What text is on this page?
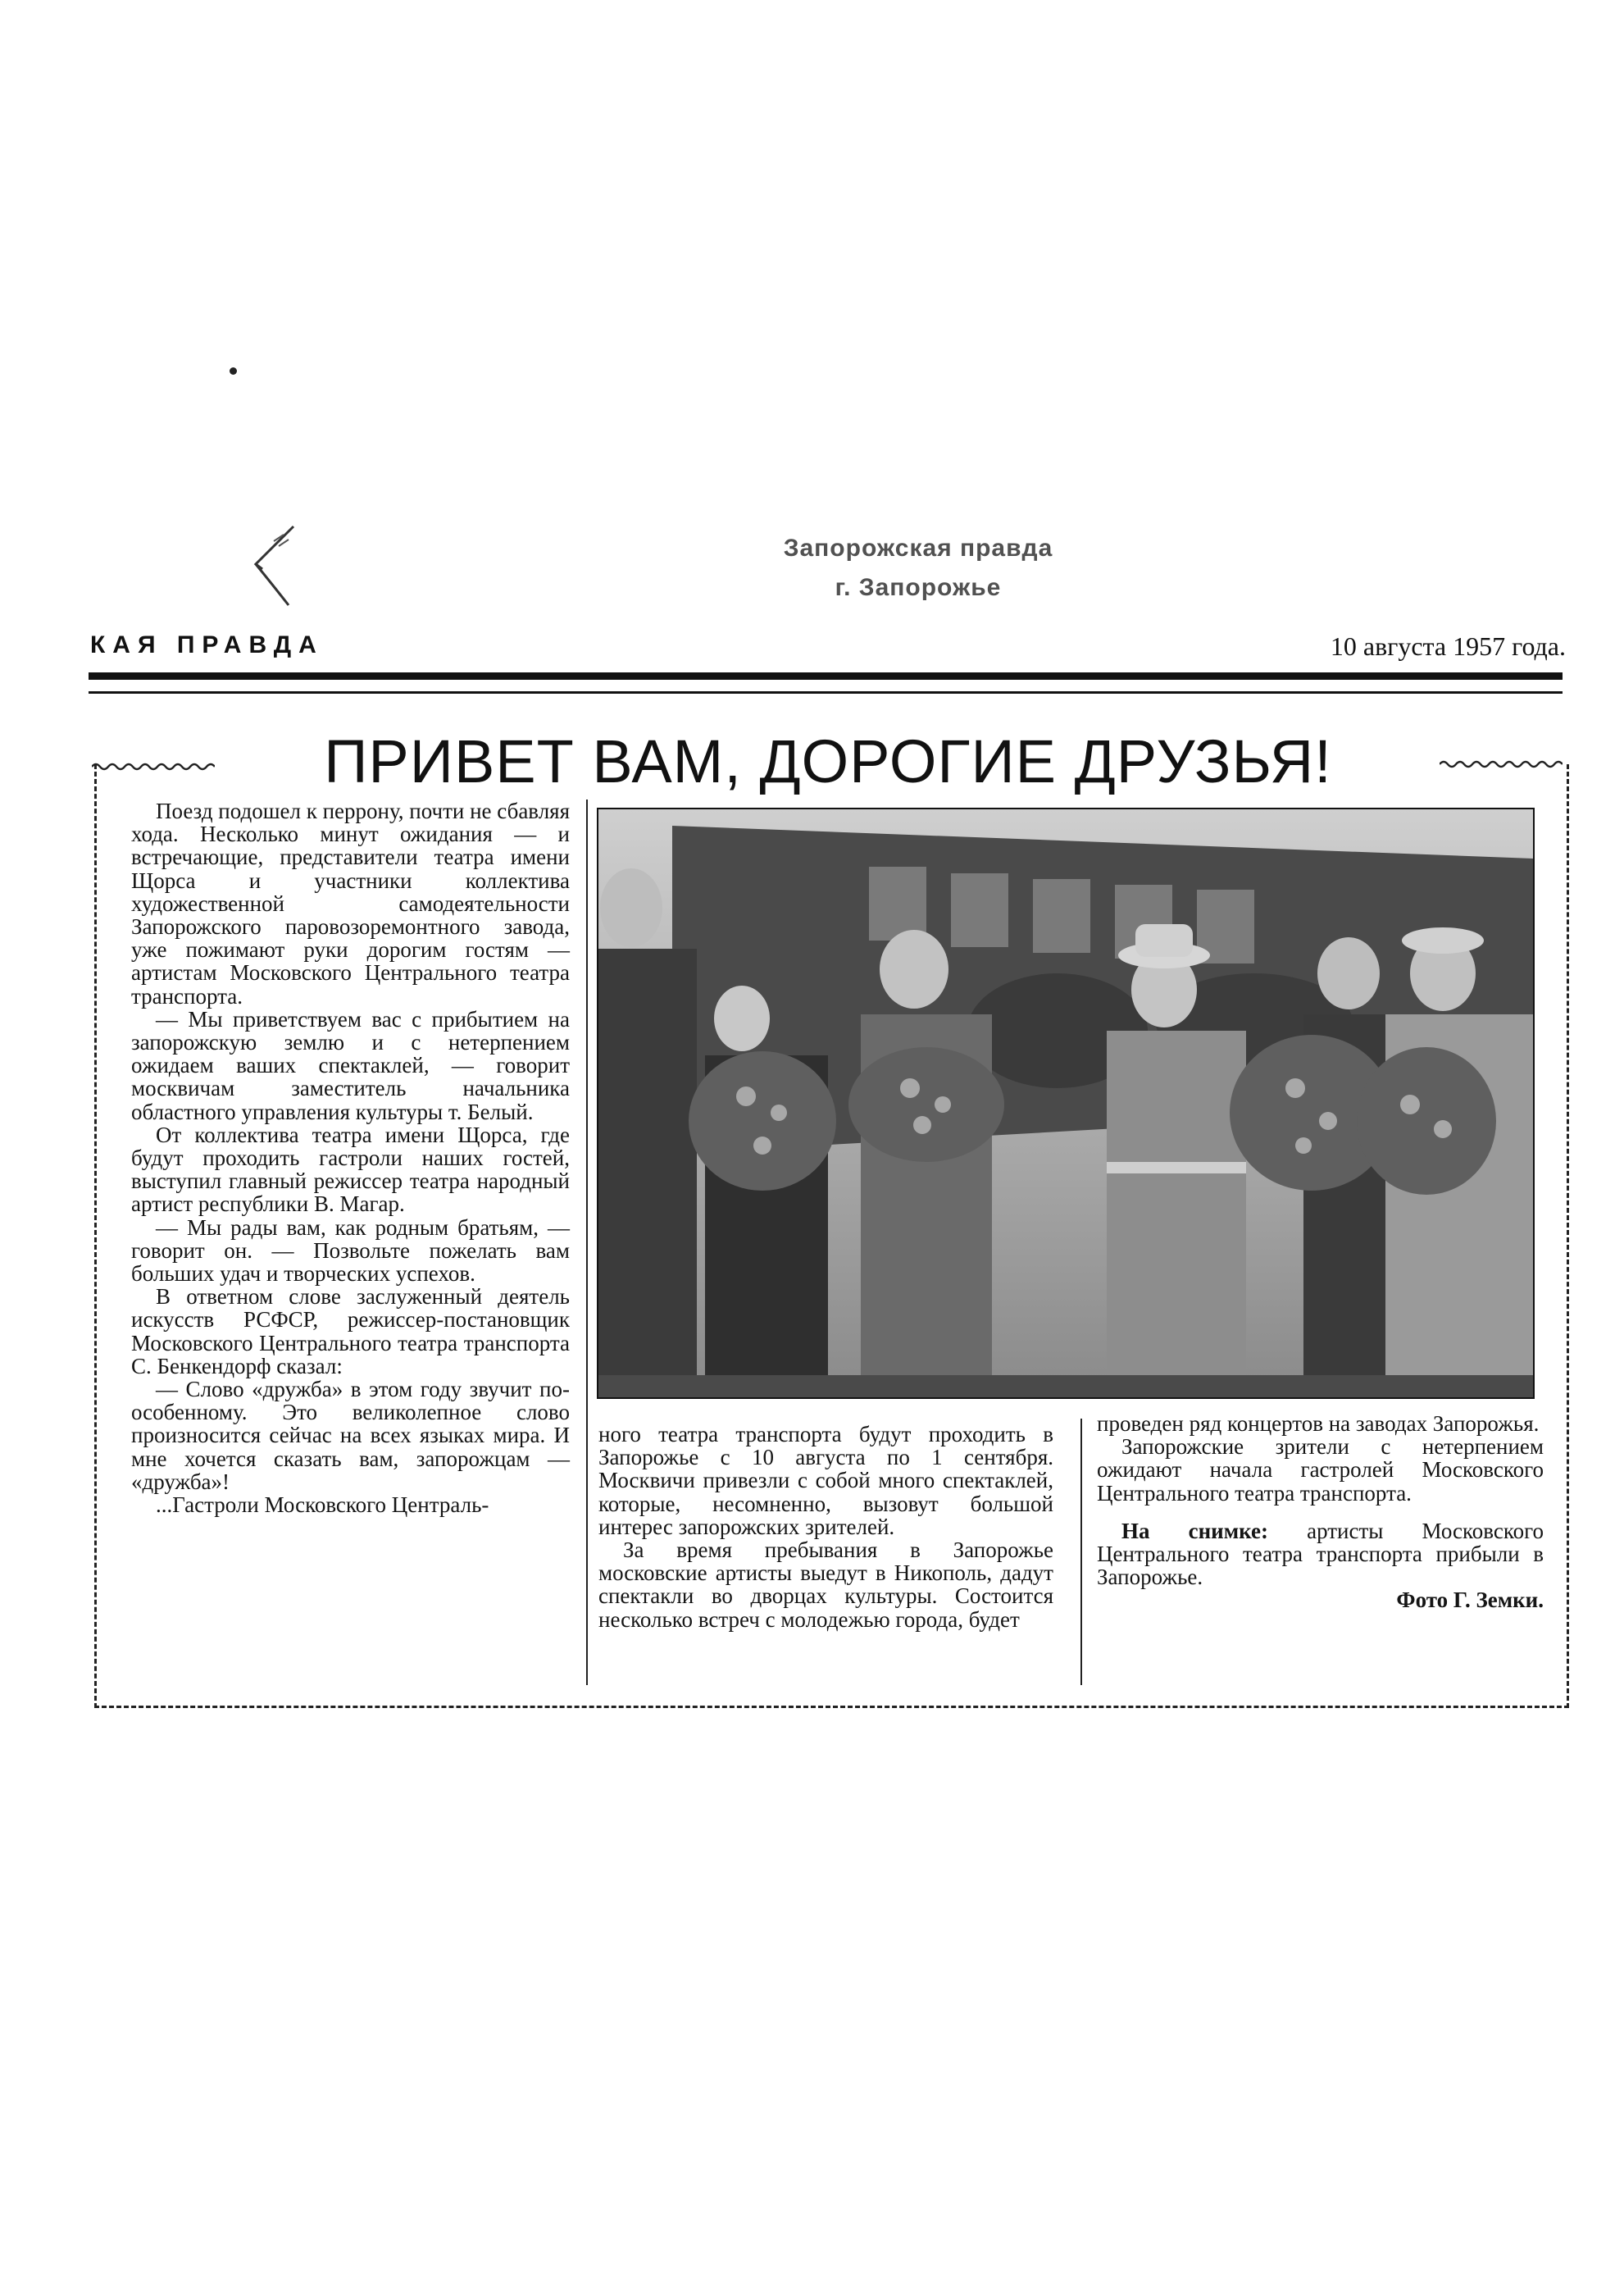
Запорожская правда
г. Запорожье
КАЯ ПРАВДА	10 августа 1957 года.
ПРИВЕТ ВАМ, ДОРОГИЕ ДРУЗЬЯ!

Поезд подошел к перрону, почти не сбавляя хода. Несколько минут ожидания — и встречающие, представители театра имени Щорса и участники коллектива художественной самодеятельности Запорожского паровозоремонтного завода, уже пожимают руки дорогим гостям — артистам Московского Центрального театра транспорта.

— Мы приветствуем вас с прибытием на запорожскую землю и с нетерпением ожидаем ваших спектаклей, — говорит москвичам заместитель начальника областного управления культуры т. Белый.

От коллектива театра имени Щорса, где будут проходить гастроли наших гостей, выступил главный режиссер театра народный артист республики В. Магар.

— Мы рады вам, как родным братьям, — говорит он. — Позвольте пожелать вам больших удач и творческих успехов.

В ответном слове заслуженный деятель искусств РСФСР, режиссер-постановщик Московского Центрального театра транспорта С. Бенкендорф сказал:

— Слово «дружба» в этом году звучит по-особенному. Это великолепное слово произносится сейчас на всех языках мира. И мне хочется сказать вам, запорожцам — «дружба»!

...Гастроли Московского Централь-

ного театра транспорта будут проходить в Запорожье с 10 августа по 1 сентября. Москвичи привезли с собой много спектаклей, которые, несомненно, вызовут большой интерес запорожских зрителей.

За время пребывания в Запорожье московские артисты выедут в Никополь, дадут спектакли во дворцах культуры. Состоится несколько встреч с молодежью города, будет

проведен ряд концертов на заводах Запорожья.

Запорожские зрители с нетерпением ожидают начала гастролей Московского Центрального театра транспорта.

На снимке: артисты Московского Центрального театра транспорта прибыли в Запорожье.

Фото Г. Земки.
